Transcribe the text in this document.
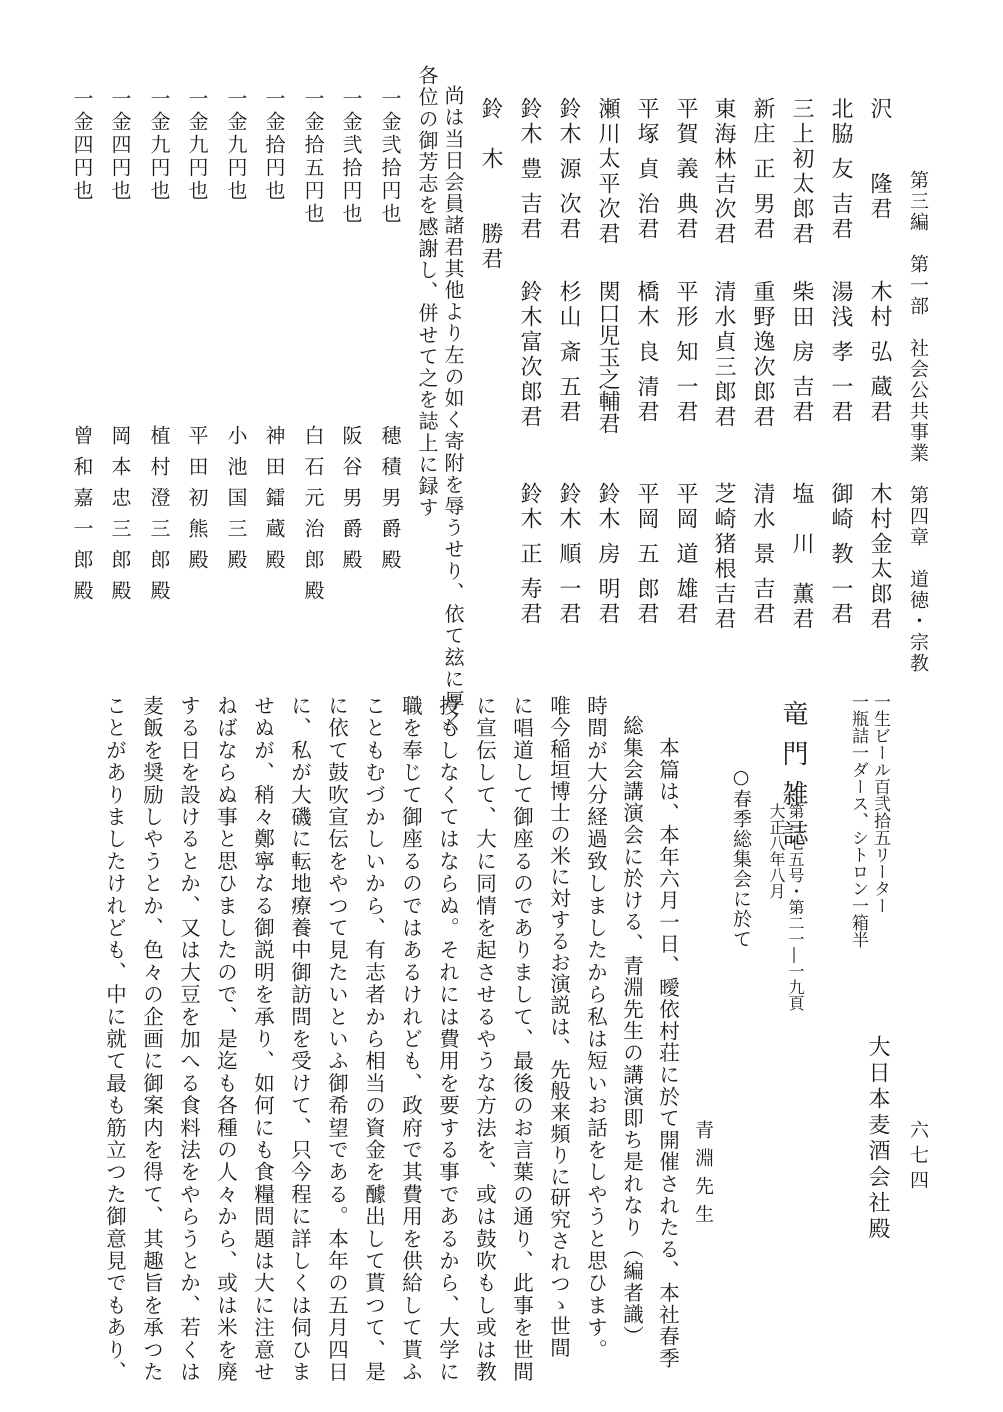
第三編　第一部　社会公共事業　第四章　道徳・宗教
六七四
沢　　隆君
木村 弘 蔵君
木村金太郎君
北脇 友 吉君
湯浅 孝 一君
御崎 教 一君
三上初太郎君
柴田 房 吉君
塩　川　薫君
新庄 正 男君
重野逸次郎君
清水 景 吉君
東海林吉次君
清水貞三郎君
芝崎猪根吉君
平賀 義 典君
平形 知 一君
平岡 道 雄君
平塚 貞 治君
橋木 良 清君
平岡 五 郎君
瀬川太平次君
関口児玉之輔君
鈴木 房 明君
鈴木 源 次君
杉山 斎 五君
鈴木 順 一君
鈴木 豊 吉君
鈴木富次郎君
鈴木 正 寿君
鈴　木　　勝君
尚は当日会員諸君其他より左の如く寄附を辱うせり、依て玆に厚く
各位の御芳志を感謝し、併せて之を誌上に録す
一金弐拾円也
穂積男爵殿
一金弐拾円也
阪谷男爵殿
一金拾五円也
白石元治郎殿
一金拾円也
神田鐳蔵殿
一金九円也
小池国三殿
一金九円也
平田初熊殿
一金九円也
植村澄三郎殿
一金四円也
岡本忠三郎殿
一金四円也
曾和嘉一郎殿
一生ビール百弐拾五リーター
一瓶詰一ダース、シトロン一箱半
大日本麦酒会社殿
竜門雑誌
第三七五号・第二一―一九頁
大正八年八月
○春季総集会に於て
青淵先生
本篇は、本年六月一日、曖依村荘に於て開催されたる、本社春季
総集会講演会に於ける、青淵先生の講演即ち是れなり（編者識）
時間が大分経過致しましたから私は短いお話をしやうと思ひます。
唯今稲垣博士の米に対するお演説は、先般来頻りに研究されつゝ世間
に唱道して御座るのでありまして、最後のお言葉の通り、此事を世間
に宣伝して、大に同情を起させるやうな方法を、或は鼓吹もし或は教
授もしなくてはならぬ。それには費用を要する事であるから、大学に
職を奉じて御座るのではあるけれども、政府で其費用を供給して貰ふ
こともむづかしいから、有志者から相当の資金を醵出して貰つて、是
に依て鼓吹宣伝をやつて見たいといふ御希望である。本年の五月四日
に、私が大磯に転地療養中御訪問を受けて、只今程に詳しくは伺ひま
せぬが、稍々鄭寧なる御説明を承り、如何にも食糧問題は大に注意せ
ねばならぬ事と思ひましたので、是迄も各種の人々から、或は米を廃
する日を設けるとか、又は大豆を加へる食料法をやらうとか、若くは
麦飯を奨励しやうとか、色々の企画に御案内を得て、其趣旨を承つた
ことがありましたけれども、中に就て最も筋立つた御意見でもあり、
